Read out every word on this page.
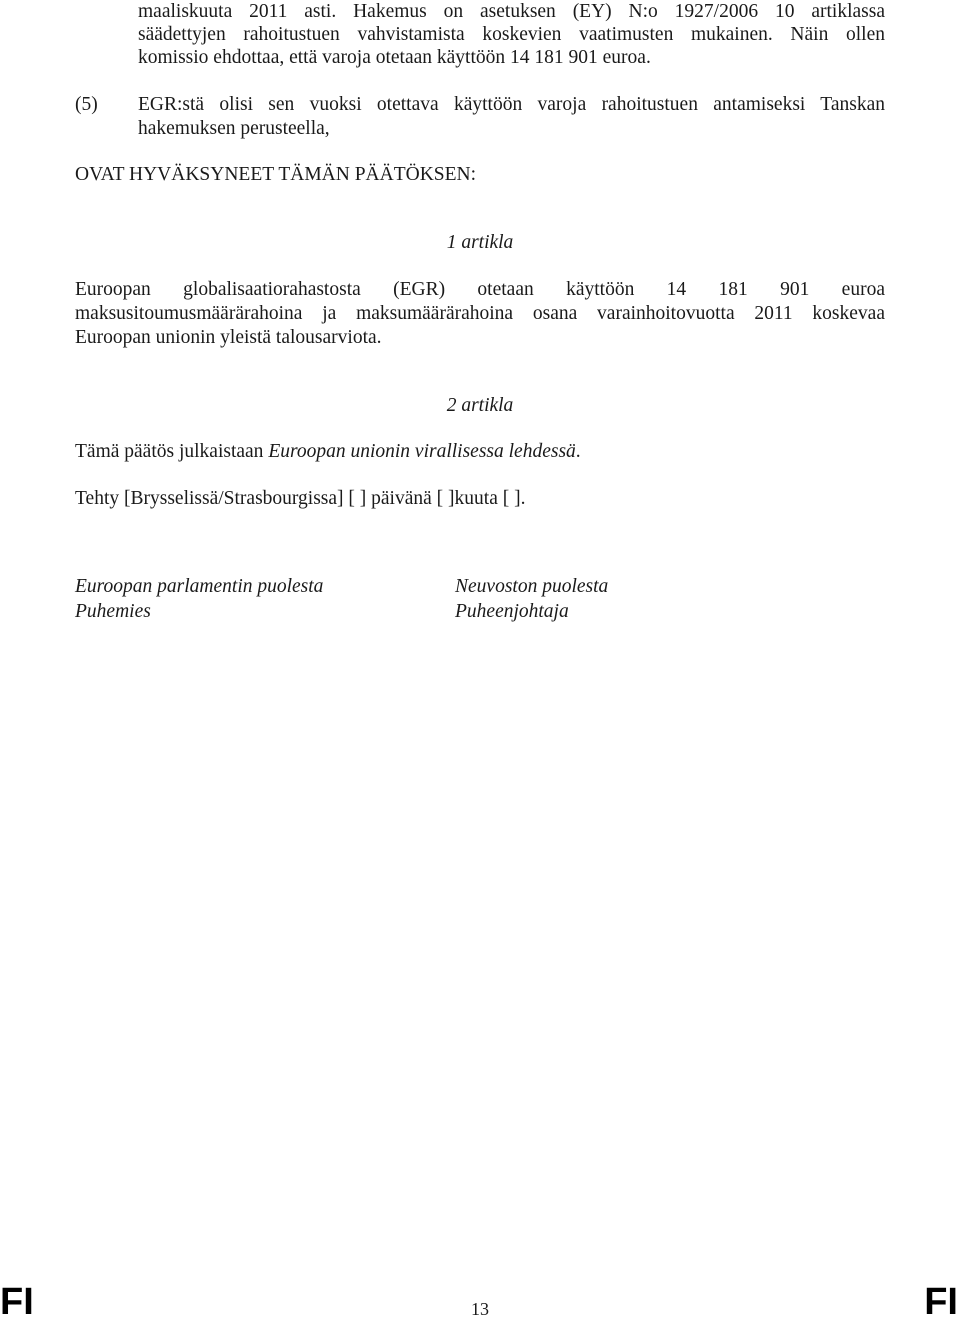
maaliskuuta 2011 asti. Hakemus on asetuksen (EY) N:o 1927/2006 10 artiklassa
säädettyjen rahoitustuen vahvistamista koskevien vaatimusten mukainen. Näin ollen
komissio ehdottaa, että varoja otetaan käyttöön 14 181 901 euroa.
(5) EGR:stä olisi sen vuoksi otettava käyttöön varoja rahoitustuen antamiseksi Tanskan
hakemuksen perusteella,
OVAT HYVÄKSYNEET TÄMÄN PÄÄTÖKSEN:
1 artikla
Euroopan globalisaatiorahastosta (EGR) otetaan käyttöön 14 181 901 euroa
maksusitoumusmäärärahoina ja maksumäärärahoina osana varainhoitovuotta 2011 koskevaa
Euroopan unionin yleistä talousarviota.
2 artikla
Tämä päätös julkaistaan Euroopan unionin virallisessa lehdessä.
Tehty [Brysselissä/Strasbourgissa] [ ] päivänä [ ]kuuta [ ].
Euroopan parlamentin puolesta
Puhemies
Neuvoston puolesta
Puheenjohtaja
FI	13	FI
